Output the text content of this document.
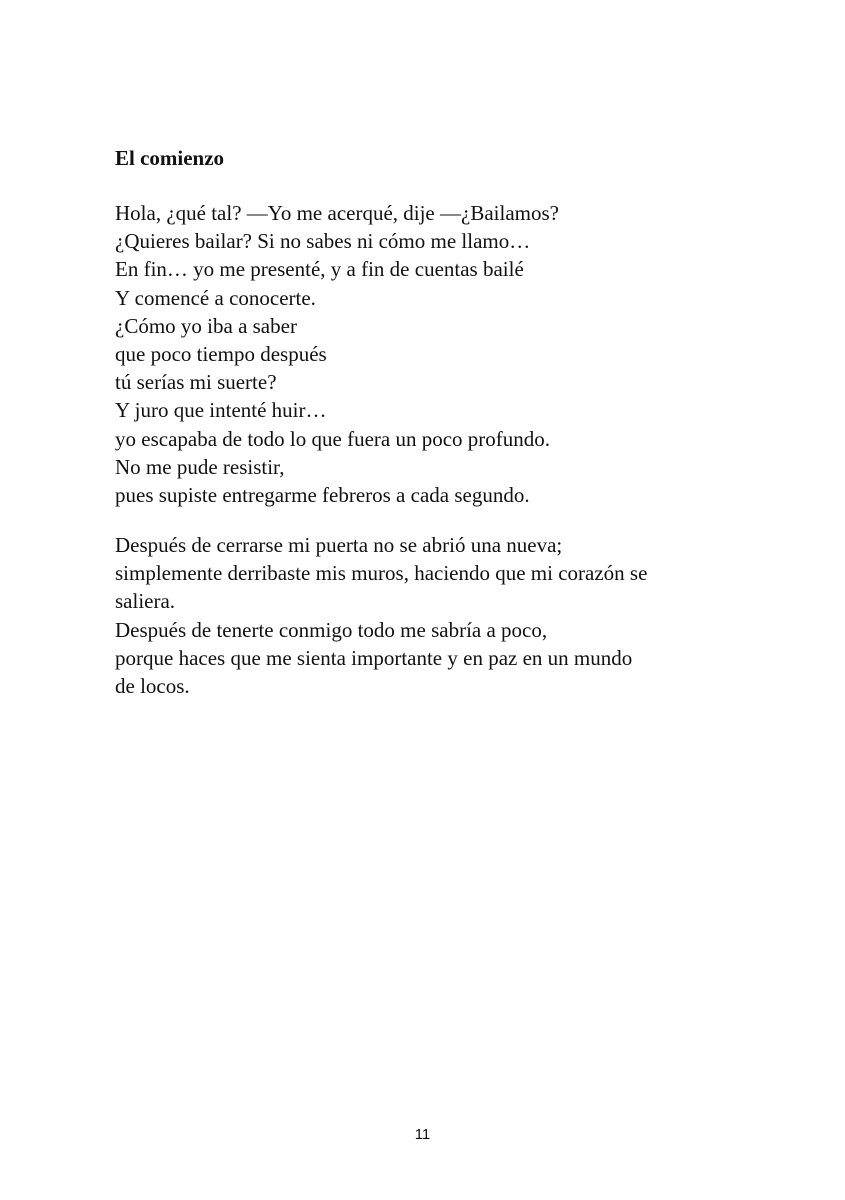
El comienzo
Hola, ¿qué tal? —Yo me acerqué, dije —¿Bailamos?
¿Quieres bailar? Si no sabes ni cómo me llamo…
En fin… yo me presenté, y a fin de cuentas bailé
Y comencé a conocerte.
¿Cómo yo iba a saber
que poco tiempo después
tú serías mi suerte?
Y juro que intenté huir…
yo escapaba de todo lo que fuera un poco profundo.
No me pude resistir,
pues supiste entregarme febreros a cada segundo.
Después de cerrarse mi puerta no se abrió una nueva;
simplemente derribaste mis muros, haciendo que mi corazón se
saliera.
Después de tenerte conmigo todo me sabría a poco,
porque haces que me sienta importante y en paz en un mundo
de locos.
11
